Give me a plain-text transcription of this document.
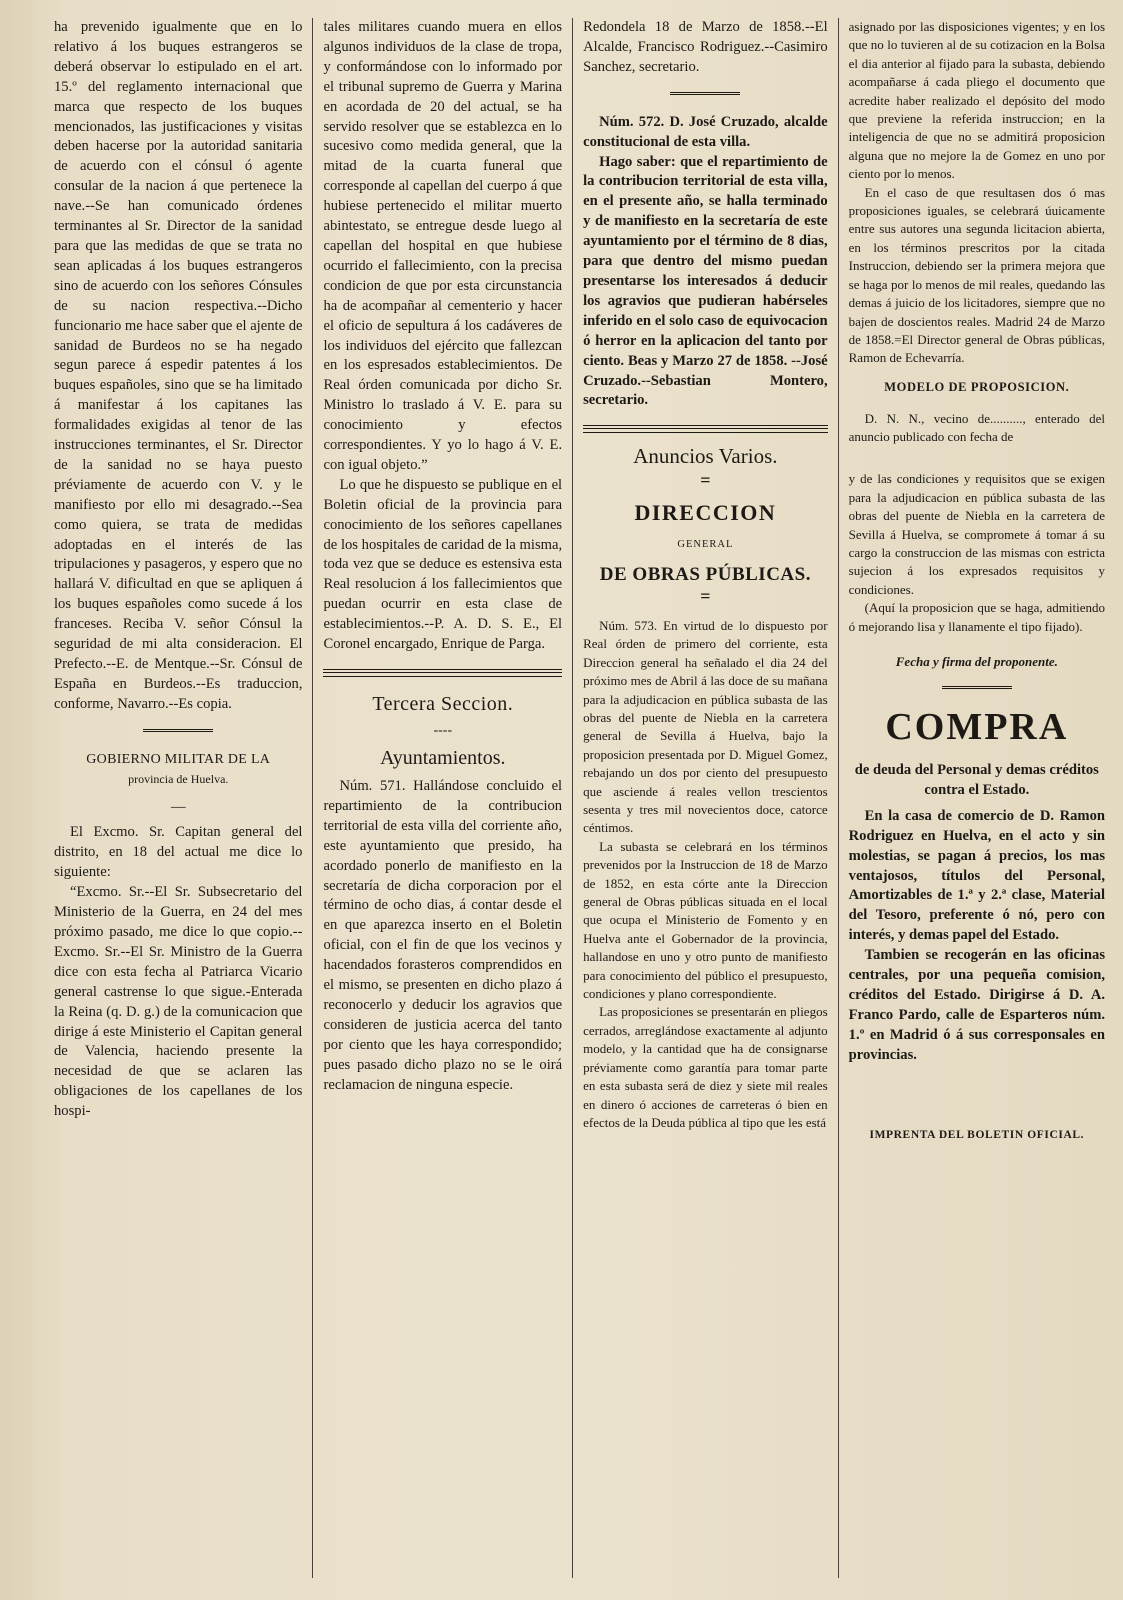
ha prevenido igualmente que en lo relativo á los buques estrangeros se deberá observar lo estipulado en el art. 15.º del reglamento internacional que marca que respecto de los buques mencionados, las justificaciones y visitas deben hacerse por la autoridad sanitaria de acuerdo con el cónsul ó agente consular de la nacion á que pertenece la nave.--Se han comunicado órdenes terminantes al Sr. Director de la sanidad para que las medidas de que se trata no sean aplicadas á los buques estrangeros sino de acuerdo con los señores Cónsules de su nacion respectiva.--Dicho funcionario me hace saber que el ajente de sanidad de Burdeos no se ha negado segun parece á espedir patentes á los buques españoles, sino que se ha limitado á manifestar á los capitanes las formalidades exigidas al tenor de las instrucciones terminantes, el Sr. Director de la sanidad no se haya puesto préviamente de acuerdo con V. y le manifiesto por ello mi desagrado.--Sea como quiera, se trata de medidas adoptadas en el interés de las tripulaciones y pasageros, y espero que no hallará V. dificultad en que se apliquen á los buques españoles como sucede á los franceses. Reciba V. señor Cónsul la seguridad de mi alta consideracion. El Prefecto.--E. de Mentque.--Sr. Cónsul de España en Burdeos.--Es traduccion, conforme, Navarro.--Es copia.

GOBIERNO MILITAR DE LA
provincia de Huelva.
—

El Excmo. Sr. Capitan general del distrito, en 18 del actual me dice lo siguiente:

“Excmo. Sr.--El Sr. Subsecretario del Ministerio de la Guerra, en 24 del mes próximo pasado, me dice lo que copio.--Excmo. Sr.--El Sr. Ministro de la Guerra dice con esta fecha al Patriarca Vicario general castrense lo que sigue.-Enterada la Reina (q. D. g.) de la comunicacion que dirige á este Ministerio el Capitan general de Valencia, haciendo presente la necesidad de que se aclaren las obligaciones de los capellanes de los hospi-

tales militares cuando muera en ellos algunos individuos de la clase de tropa, y conformándose con lo informado por el tribunal supremo de Guerra y Marina en acordada de 20 del actual, se ha servido resolver que se establezca en lo sucesivo como medida general, que la mitad de la cuarta funeral que corresponde al capellan del cuerpo á que hubiese pertenecido el militar muerto abintestato, se entregue desde luego al capellan del hospital en que hubiese ocurrido el fallecimiento, con la precisa condicion de que por esta circunstancia ha de acompañar al cementerio y hacer el oficio de sepultura á los cadáveres de los individuos del ejército que fallezcan en los espresados establecimientos. De Real órden comunicada por dicho Sr. Ministro lo traslado á V. E. para su conocimiento y efectos correspondientes. Y yo lo hago á V. E. con igual objeto.”

Lo que he dispuesto se publique en el Boletin oficial de la provincia para conocimiento de los señores capellanes de los hospitales de caridad de la misma, toda vez que se deduce es estensiva esta Real resolucion á los fallecimientos que puedan ocurrir en esta clase de establecimientos.--P. A. D. S. E., El Coronel encargado, Enrique de Parga.

Tercera Seccion.
----
Ayuntamientos.

Núm. 571. Hallándose concluido el repartimiento de la contribucion territorial de esta villa del corriente año, este ayuntamiento que presido, ha acordado ponerlo de manifiesto en la secretaría de dicha corporacion por el término de ocho dias, á contar desde el en que aparezca inserto en el Boletin oficial, con el fin de que los vecinos y hacendados forasteros comprendidos en el mismo, se presenten en dicho plazo á reconocerlo y deducir los agravios que consideren de justicia acerca del tanto por ciento que les haya correspondido; pues pasado dicho plazo no se le oirá reclamacion de ninguna especie.

Redondela 18 de Marzo de 1858.--El Alcalde, Francisco Rodriguez.--Casimiro Sanchez, secretario.

Núm. 572. D. José Cruzado, alcalde constitucional de esta villa.

Hago saber: que el repartimiento de la contribucion territorial de esta villa, en el presente año, se halla terminado y de manifiesto en la secretaría de este ayuntamiento por el término de 8 dias, para que dentro del mismo puedan presentarse los interesados á deducir los agravios que pudieran habérseles inferido en el solo caso de equivocacion ó herror en la aplicacion del tanto por ciento. Beas y Marzo 27 de 1858. --José Cruzado.--Sebastian Montero, secretario.

Anuncios Varios.
=
DIRECCION
GENERAL
DE OBRAS PÚBLICAS.
=

Núm. 573. En virtud de lo dispuesto por Real órden de primero del corriente, esta Direccion general ha señalado el dia 24 del próximo mes de Abril á las doce de su mañana para la adjudicacion en pública subasta de las obras del puente de Niebla en la carretera general de Sevilla á Huelva, bajo la proposicion presentada por D. Miguel Gomez, rebajando un dos por ciento del presupuesto que asciende á reales vellon trescientos sesenta y tres mil novecientos doce, catorce céntimos.

La subasta se celebrará en los términos prevenidos por la Instruccion de 18 de Marzo de 1852, en esta córte ante la Direccion general de Obras públicas situada en el local que ocupa el Ministerio de Fomento y en Huelva ante el Gobernador de la provincia, hallandose en uno y otro punto de manifiesto para conocimiento del público el presupuesto, condiciones y plano correspondiente.

Las proposiciones se presentarán en pliegos cerrados, arreglándose exactamente al adjunto modelo, y la cantidad que ha de consignarse préviamente como garantía para tomar parte en esta subasta será de diez y siete mil reales en dinero ó acciones de carreteras ó bien en efectos de la Deuda pública al tipo que les está

asignado por las disposiciones vigentes; y en los que no lo tuvieren al de su cotizacion en la Bolsa el dia anterior al fijado para la subasta, debiendo acompañarse á cada pliego el documento que acredite haber realizado el depósito del modo que previene la referida instruccion; en la inteligencia de que no se admitirá proposicion alguna que no mejore la de Gomez en uno por ciento por lo menos.

En el caso de que resultasen dos ó mas proposiciones iguales, se celebrará úuicamente entre sus autores una segunda licitacion abierta, en los términos prescritos por la citada Instruccion, debiendo ser la primera mejora que se haga por lo menos de mil reales, quedando las demas á juicio de los licitadores, siempre que no bajen de doscientos reales. Madrid 24 de Marzo de 1858.=El Director general de Obras públicas, Ramon de Echevarría.

MODELO DE PROPOSICION.

D. N. N., vecino de.........., enterado del anuncio publicado con fecha de

y de las condiciones y requisitos que se exigen para la adjudicacion en pública subasta de las obras del puente de Niebla en la carretera de Sevilla á Huelva, se compromete á tomar á su cargo la construccion de las mismas con estricta sujecion á los expresados requisitos y condiciones.

(Aquí la proposicion que se haga, admitiendo ó mejorando lisa y llanamente el tipo fijado).

Fecha y firma del proponente.
COMPRA

de deuda del Personal y demas créditos contra el Estado.

En la casa de comercio de D. Ramon Rodriguez en Huelva, en el acto y sin molestias, se pagan á precios, los mas ventajosos, títulos del Personal, Amortizables de 1.ª y 2.ª clase, Material del Tesoro, preferente ó nó, pero con interés, y demas papel del Estado.

Tambien se recogerán en las oficinas centrales, por una pequeña comision, créditos del Estado. Dirigirse á D. A. Franco Pardo, calle de Esparteros núm. 1.º en Madrid ó á sus corresponsales en provincias.

IMPRENTA DEL BOLETIN OFICIAL.
